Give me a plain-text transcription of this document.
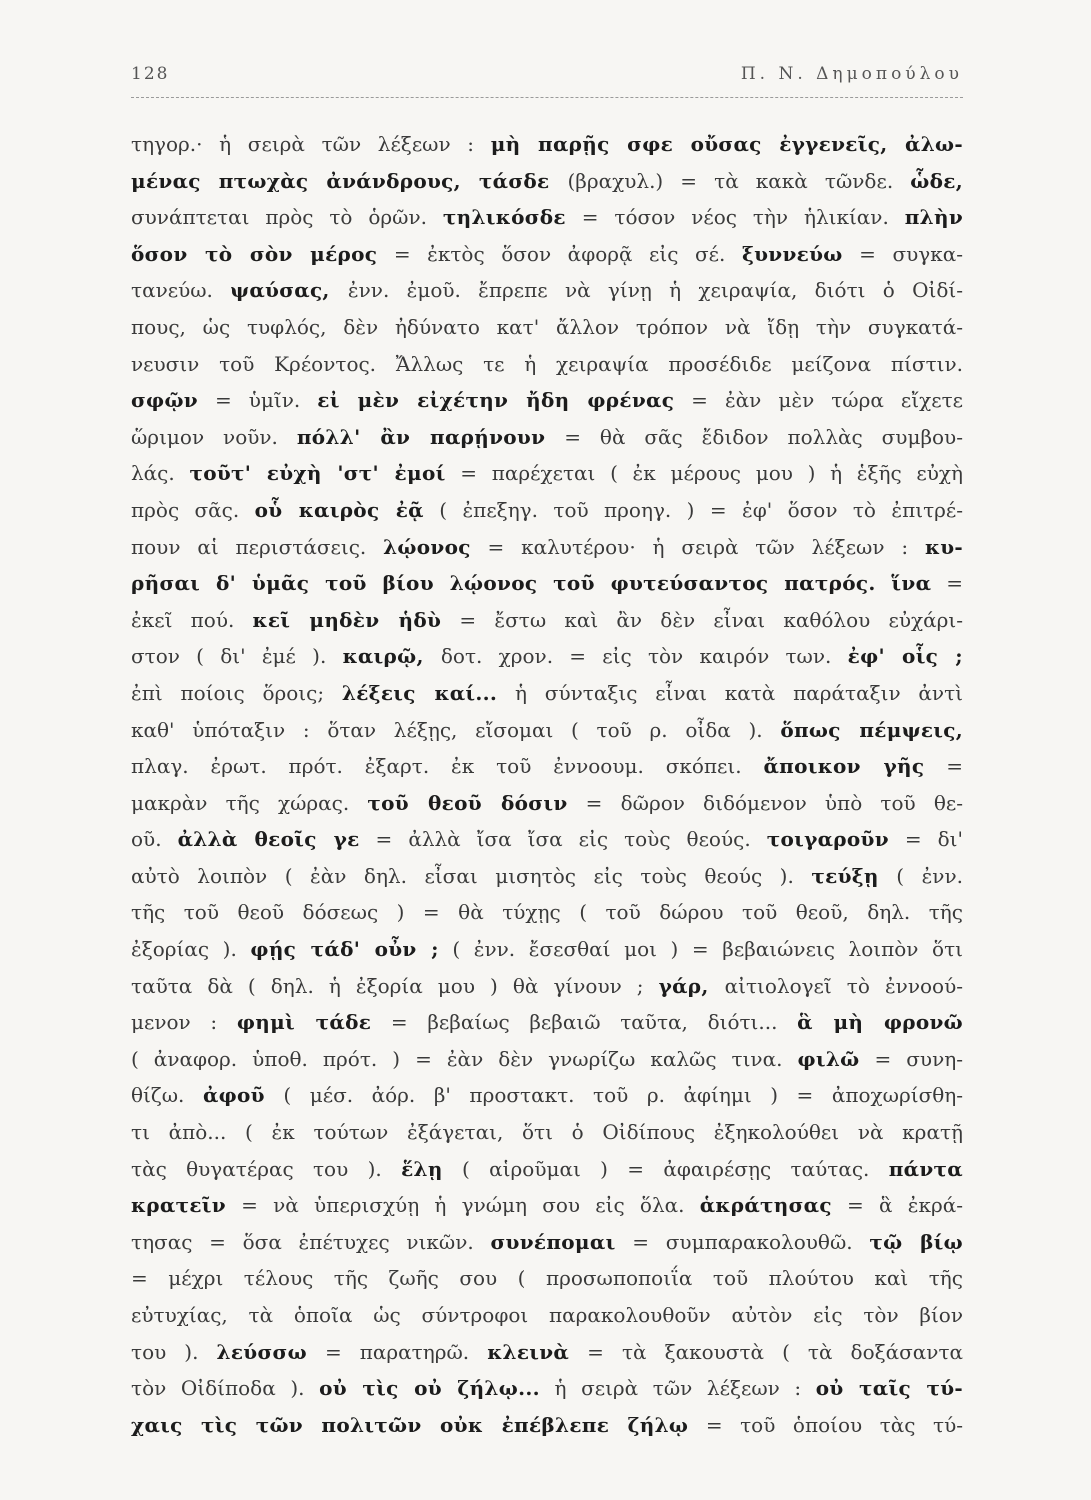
128	Π. Ν. Δημοπούλου
τηγορ.· ἡ σειρὰ τῶν λέξεων : μὴ παρῇς σφε οὔσας ἐγγενεῖς, ἀλω-
μένας πτωχὰς ἀνάνδρους, τάσδε (βραχυλ.) = τὰ κακὰ τῶνδε. ὧδε,
συνάπτεται πρὸς τὸ ὁρῶν. τηλικόσδε = τόσον νέος τὴν ἡλικίαν. πλὴν
ὅσον τὸ σὸν μέρος = ἐκτὸς ὅσον ἀφορᾷ εἰς σέ. ξυννεύω = συγκα-
τανεύω. ψαύσας, ἐνν. ἐμοῦ. ἔπρεπε νὰ γίνῃ ἡ χειραψία, διότι ὁ Οἰδί-
πους, ὡς τυφλός, δὲν ἠδύνατο κατ' ἄλλον τρόπον νὰ ἴδῃ τὴν συγκατά-
νευσιν τοῦ Κρέοντος. Ἄλλως τε ἡ χειραψία προσέδιδε μείζονα πίστιν.
σφῷν = ὑμῖν. εἰ μὲν εἰχέτην ἤδη φρένας = ἐὰν μὲν τώρα εἴχετε
ὥριμον νοῦν. πόλλ' ἂν παρῄνουν = θὰ σᾶς ἔδιδον πολλὰς συμβου-
λάς. τοῦτ' εὐχὴ 'στ' ἐμοί = παρέχεται ( ἐκ μέρους μου ) ἡ ἑξῆς εὐχὴ
πρὸς σᾶς. οὗ καιρὸς ἐᾷ ( ἐπεξηγ. τοῦ προηγ. ) = ἐφ' ὅσον τὸ ἐπιτρέ-
πουν αἱ περιστάσεις. λῴονος = καλυτέρου· ἡ σειρὰ τῶν λέξεων : κυ-
ρῆσαι δ' ὑμᾶς τοῦ βίου λῴονος τοῦ φυτεύσαντος πατρός. ἵνα =
ἐκεῖ πού. κεῖ μηδὲν ἡδὺ = ἔστω καὶ ἂν δὲν εἶναι καθόλου εὐχάρι-
στον ( δι' ἐμέ ). καιρῷ, δοτ. χρον. = εἰς τὸν καιρόν των. ἐφ' οἷς ;
ἐπὶ ποίοις ὅροις; λέξεις καί... ἡ σύνταξις εἶναι κατὰ παράταξιν ἀντὶ
καθ' ὑπόταξιν : ὅταν λέξῃς, εἴσομαι ( τοῦ ρ. οἶδα ). ὅπως πέμψεις,
πλαγ. ἐρωτ. πρότ. ἐξαρτ. ἐκ τοῦ ἐννοουμ. σκόπει. ἄποικον γῆς =
μακρὰν τῆς χώρας. τοῦ θεοῦ δόσιν = δῶρον διδόμενον ὑπὸ τοῦ θε-
οῦ. ἀλλὰ θεοῖς γε = ἀλλὰ ἴσα ἴσα εἰς τοὺς θεούς. τοιγαροῦν = δι'
αὐτὸ λοιπὸν ( ἐὰν δηλ. εἶσαι μισητὸς εἰς τοὺς θεούς ). τεύξῃ ( ἐνν.
τῆς τοῦ θεοῦ δόσεως ) = θὰ τύχῃς ( τοῦ δώρου τοῦ θεοῦ, δηλ. τῆς
ἐξορίας ). φῄς τάδ' οὖν ; ( ἐνν. ἔσεσθαί μοι ) = βεβαιώνεις λοιπὸν ὅτι
ταῦτα δὰ ( δηλ. ἡ ἐξορία μου ) θὰ γίνουν ; γάρ, αἰτιολογεῖ τὸ ἐννοού-
μενον : φημὶ τάδε = βεβαίως βεβαιῶ ταῦτα, διότι... ἃ μὴ φρονῶ
( ἀναφορ. ὑποθ. πρότ. ) = ἐὰν δὲν γνωρίζω καλῶς τινα. φιλῶ = συνη-
θίζω. ἀφοῦ ( μέσ. ἀόρ. β' προστακτ. τοῦ ρ. ἀφίημι ) = ἀποχωρίσθη-
τι ἀπὸ... ( ἐκ τούτων ἐξάγεται, ὅτι ὁ Οἰδίπους ἐξηκολούθει νὰ κρατῇ
τὰς θυγατέρας του ). ἕλῃ ( αἱροῦμαι ) = ἀφαιρέσῃς ταύτας. πάντα
κρατεῖν = νὰ ὑπερισχύῃ ἡ γνώμη σου εἰς ὅλα. ἁκράτησας = ἃ ἐκρά-
τησας = ὅσα ἐπέτυχες νικῶν. συνέπομαι = συμπαρακολουθῶ. τῷ βίῳ
= μέχρι τέλους τῆς ζωῆς σου ( προσωποποιΐα τοῦ πλούτου καὶ τῆς
εὐτυχίας, τὰ ὁποῖα ὡς σύντροφοι παρακολουθοῦν αὐτὸν εἰς τὸν βίον
του ). λεύσσω = παρατηρῶ. κλεινὰ = τὰ ξακουστὰ ( τὰ δοξάσαντα
τὸν Οἰδίποδα ). οὐ τὶς οὐ ζήλῳ... ἡ σειρὰ τῶν λέξεων : οὐ ταῖς τύ-
χαις τὶς τῶν πολιτῶν οὐκ ἐπέβλεπε ζήλῳ = τοῦ ὁποίου τὰς τύ-
